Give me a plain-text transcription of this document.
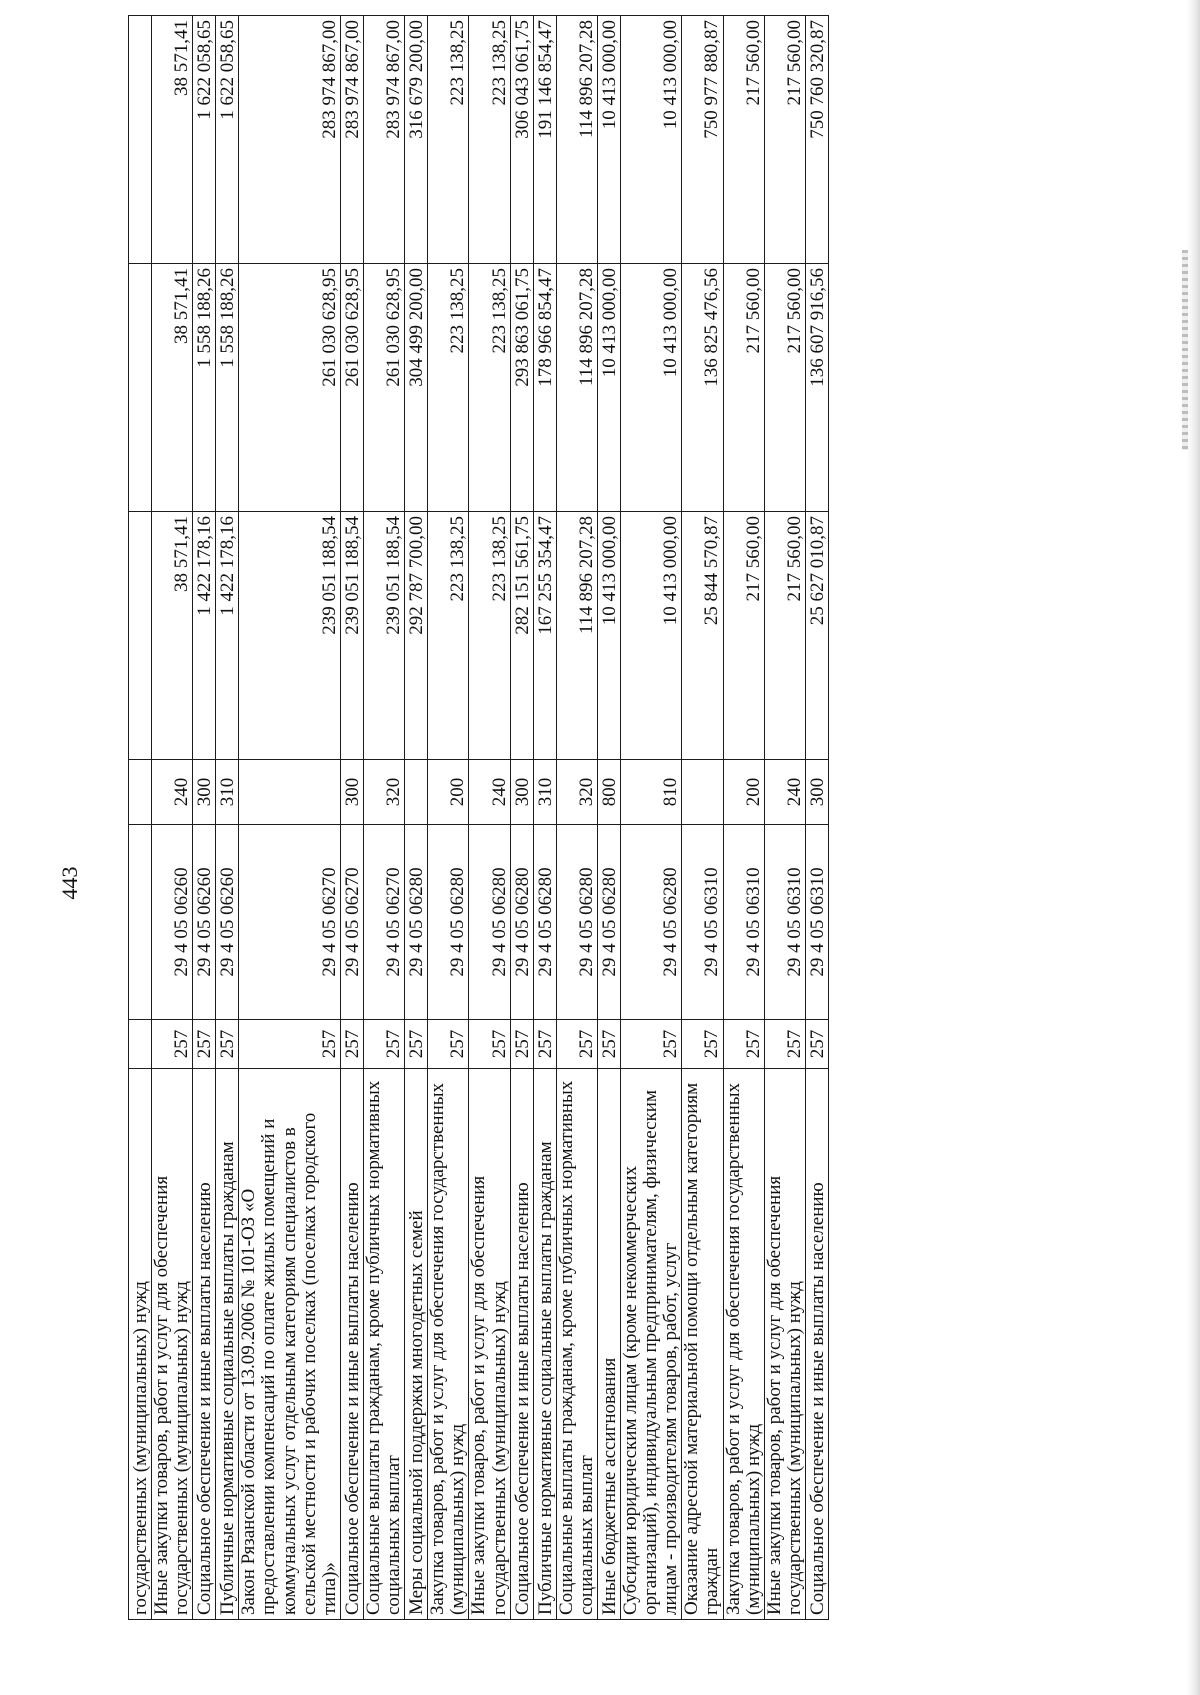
443
государственных (муниципальных) нужд						
Иные закупки товаров, работ и услуг для обеспечения государственных (муниципальных) нужд	257	29 4 05 06260	240	38 571,41	38 571,41	38 571,41
Социальное обеспечение и иные выплаты населению	257	29 4 05 06260	300	1 422 178,16	1 558 188,26	1 622 058,65
Публичные нормативные социальные выплаты гражданам	257	29 4 05 06260	310	1 422 178,16	1 558 188,26	1 622 058,65
Закон Рязанской области от 13.09.2006 № 101-ОЗ «О предоставлении компенсаций по оплате жилых помещений и коммунальных услуг отдельным категориям специалистов в сельской местности и рабочих поселках (поселках городского типа)»	257	29 4 05 06270		239 051 188,54	261 030 628,95	283 974 867,00
Социальное обеспечение и иные выплаты населению	257	29 4 05 06270	300	239 051 188,54	261 030 628,95	283 974 867,00
Социальные выплаты гражданам, кроме публичных нормативных социальных выплат	257	29 4 05 06270	320	239 051 188,54	261 030 628,95	283 974 867,00
Меры социальной поддержки многодетных семей	257	29 4 05 06280		292 787 700,00	304 499 200,00	316 679 200,00
Закупка товаров, работ и услуг для обеспечения государственных (муниципальных) нужд	257	29 4 05 06280	200	223 138,25	223 138,25	223 138,25
Иные закупки товаров, работ и услуг для обеспечения государственных (муниципальных) нужд	257	29 4 05 06280	240	223 138,25	223 138,25	223 138,25
Социальное обеспечение и иные выплаты населению	257	29 4 05 06280	300	282 151 561,75	293 863 061,75	306 043 061,75
Публичные нормативные социальные выплаты гражданам	257	29 4 05 06280	310	167 255 354,47	178 966 854,47	191 146 854,47
Социальные выплаты гражданам, кроме публичных нормативных социальных выплат	257	29 4 05 06280	320	114 896 207,28	114 896 207,28	114 896 207,28
Иные бюджетные ассигнования	257	29 4 05 06280	800	10 413 000,00	10 413 000,00	10 413 000,00
Субсидии юридическим лицам (кроме некоммерческих организаций), индивидуальным предпринимателям, физическим лицам - производителям товаров, работ, услуг	257	29 4 05 06280	810	10 413 000,00	10 413 000,00	10 413 000,00
Оказание адресной материальной помощи отдельным категориям граждан	257	29 4 05 06310		25 844 570,87	136 825 476,56	750 977 880,87
Закупка товаров, работ и услуг для обеспечения государственных (муниципальных) нужд	257	29 4 05 06310	200	217 560,00	217 560,00	217 560,00
Иные закупки товаров, работ и услуг для обеспечения государственных (муниципальных) нужд	257	29 4 05 06310	240	217 560,00	217 560,00	217 560,00
Социальное обеспечение и иные выплаты населению	257	29 4 05 06310	300	25 627 010,87	136 607 916,56	750 760 320,87
